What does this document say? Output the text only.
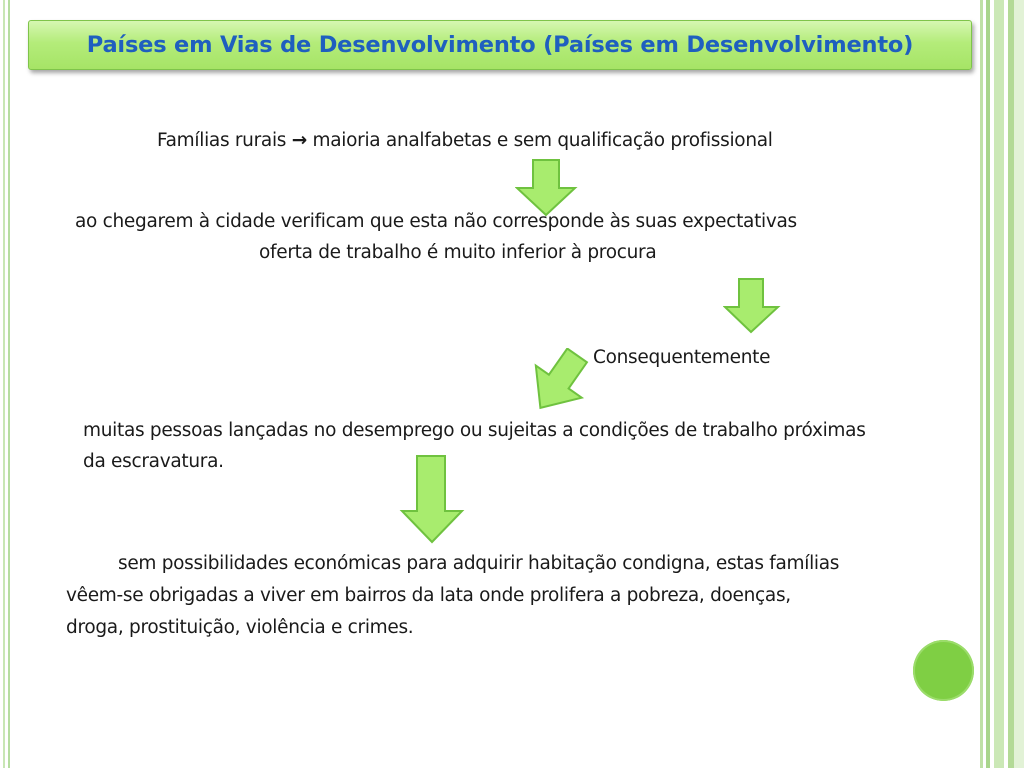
Países em Vias de Desenvolvimento (Países em Desenvolvimento)
Famílias rurais → maioria analfabetas e sem qualificação profissional
ao chegarem à cidade verificam que esta não corresponde às suas expectativas
oferta de trabalho é muito inferior à procura
Consequentemente
muitas pessoas lançadas no desemprego ou sujeitas a condições de trabalho próximas
da escravatura.
sem possibilidades económicas para adquirir habitação condigna, estas famílias
vêem-se obrigadas a viver em bairros da lata onde prolifera a pobreza, doenças,
droga, prostituição, violência e crimes.
